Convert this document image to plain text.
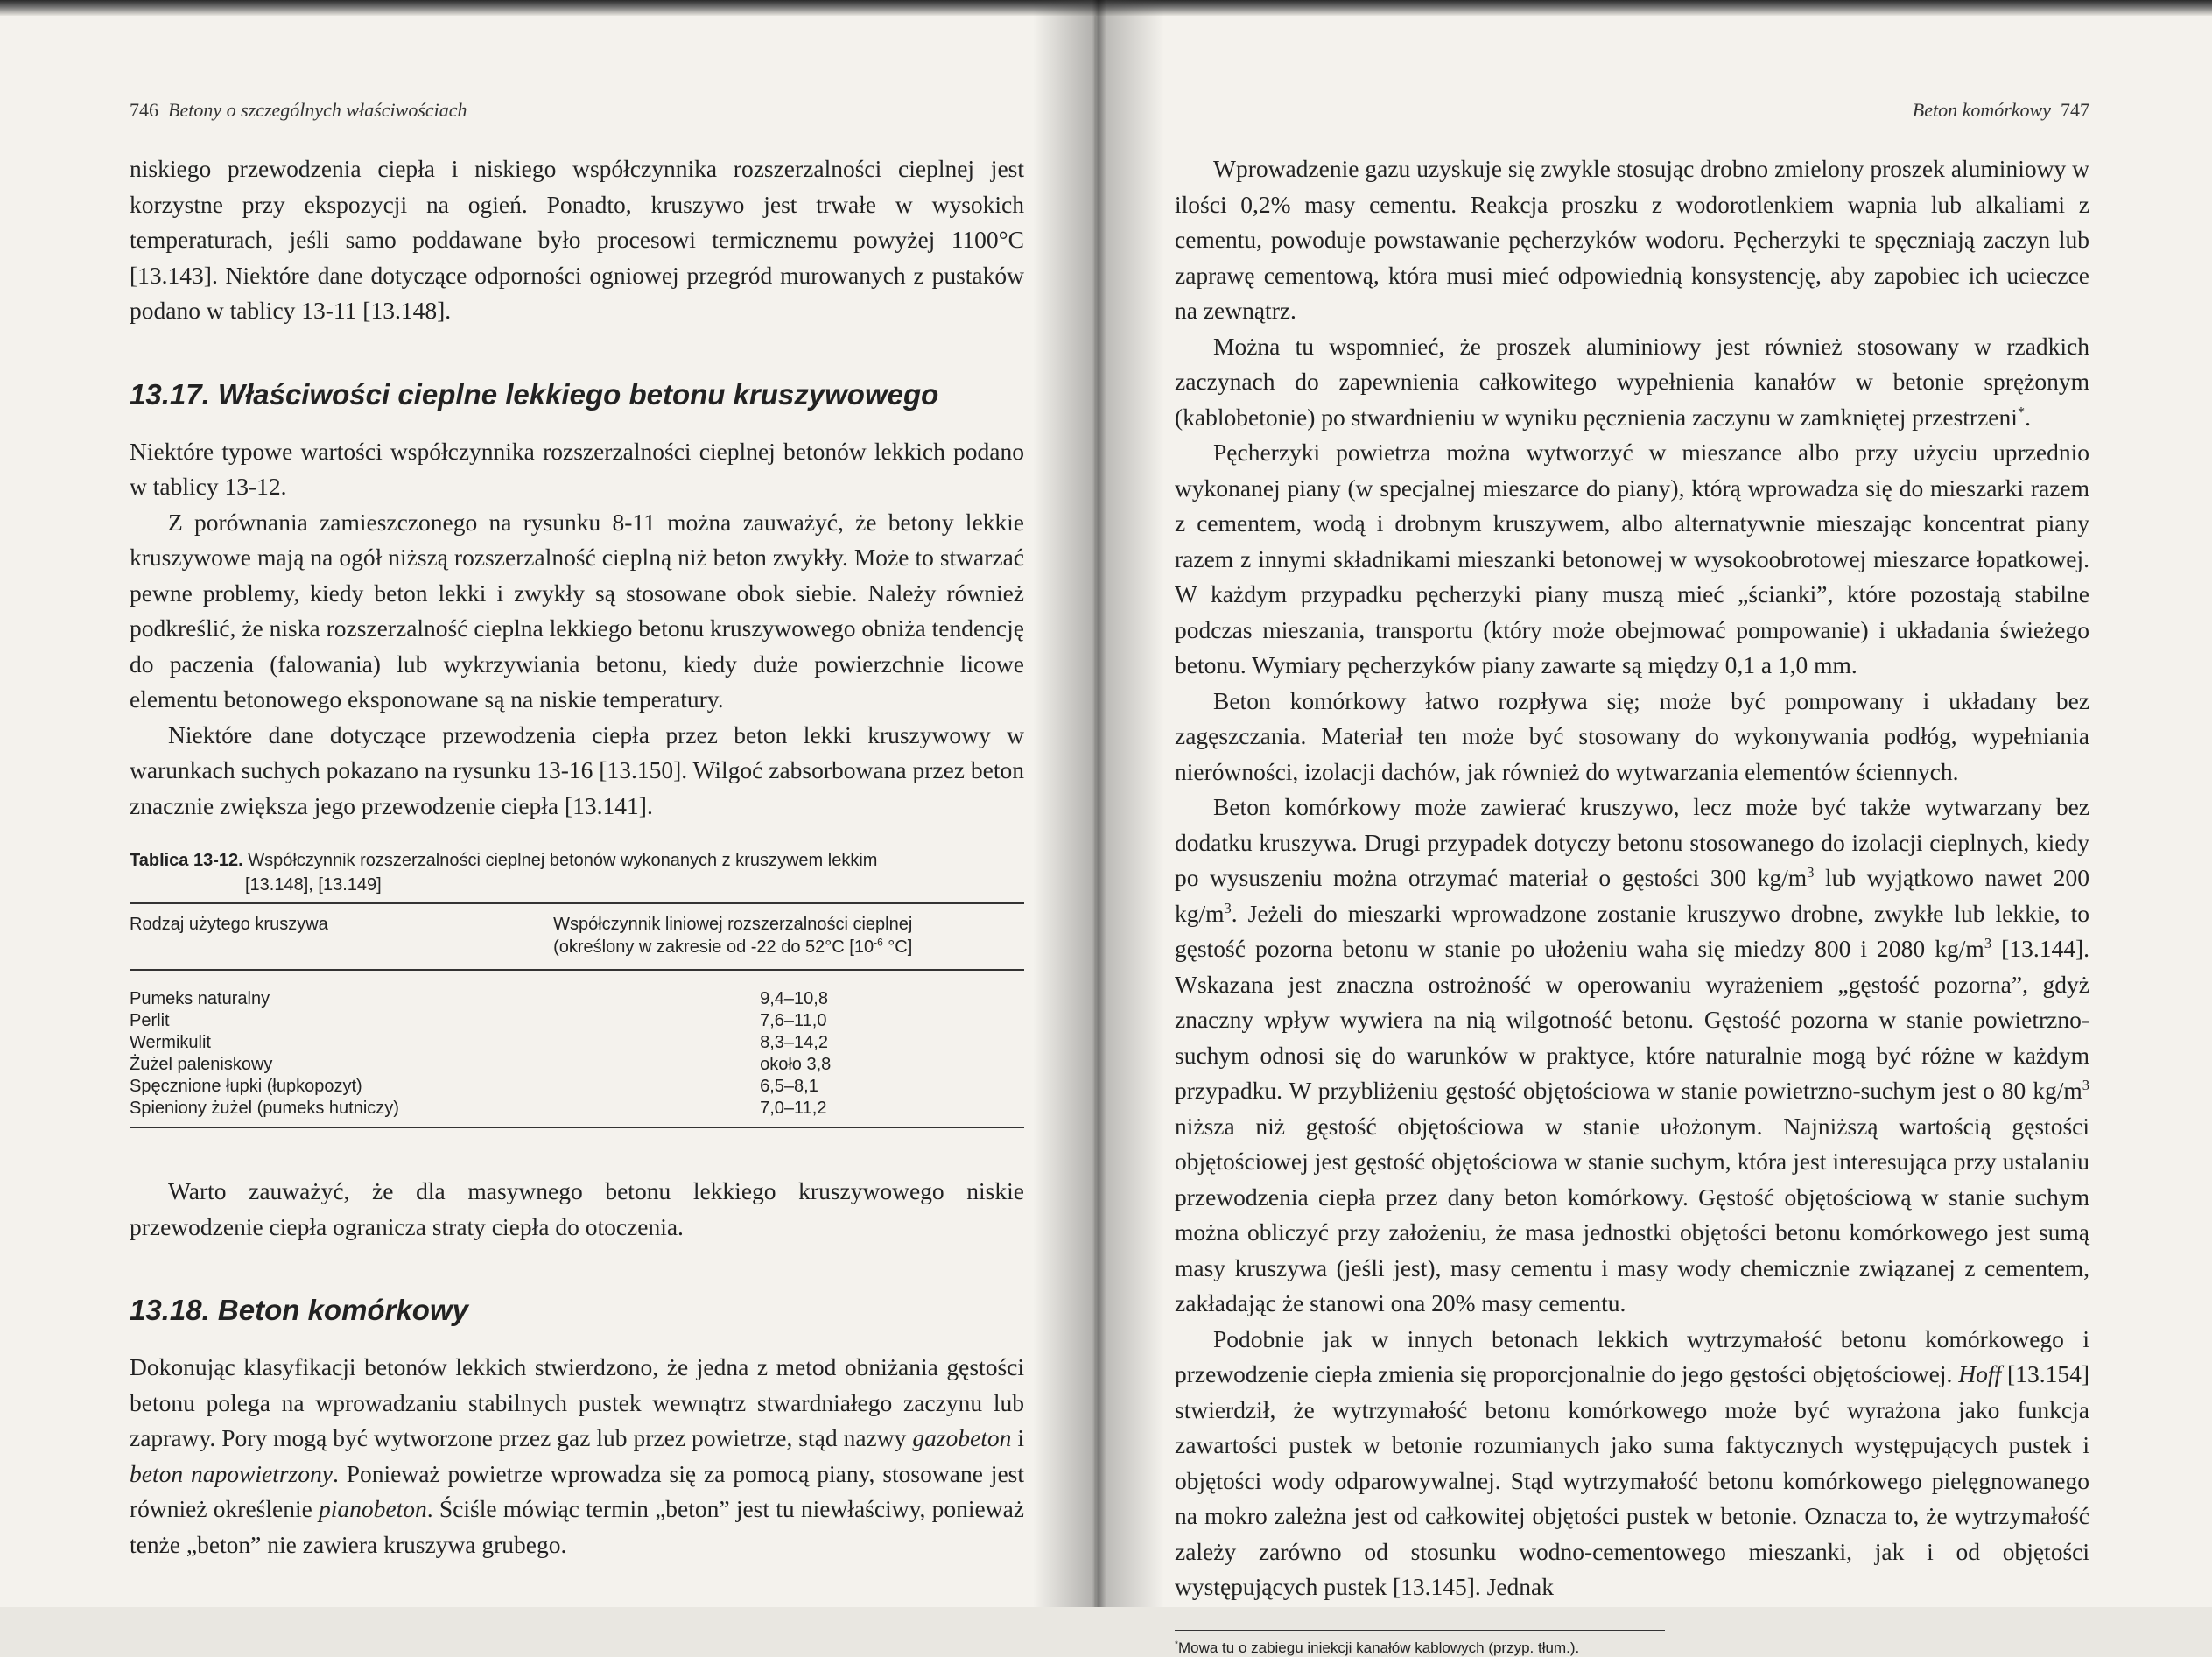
746 Betony o szczególnych właściwościach

niskiego przewodzenia ciepła i niskiego współczynnika rozszerzalności cieplnej jest korzystne przy ekspozycji na ogień. Ponadto, kruszywo jest trwałe w wysokich temperaturach, jeśli samo poddawane było procesowi termicznemu powyżej 1100°C [13.143]. Niektóre dane dotyczące odporności ogniowej przegród murowanych z pustaków podano w tablicy 13-11 [13.148].

13.17. Właściwości cieplne lekkiego betonu kruszywowego

Niektóre typowe wartości współczynnika rozszerzalności cieplnej betonów lekkich podano w tablicy 13-12.

Z porównania zamieszczonego na rysunku 8-11 można zauważyć, że betony lekkie kruszywowe mają na ogół niższą rozszerzalność cieplną niż beton zwykły. Może to stwarzać pewne problemy, kiedy beton lekki i zwykły są stosowane obok siebie. Należy również podkreślić, że niska rozszerzalność cieplna lekkiego betonu kruszywowego obniża tendencję do paczenia (falowania) lub wykrzywiania betonu, kiedy duże powierzchnie licowe elementu betonowego eksponowane są na niskie temperatury.

Niektóre dane dotyczące przewodzenia ciepła przez beton lekki kruszywowy w warunkach suchych pokazano na rysunku 13-16 [13.150]. Wilgoć zabsorbowana przez beton znacznie zwiększa jego przewodzenie ciepła [13.141].

Tablica 13-12. Współczynnik rozszerzalności cieplnej betonów wykonanych z kruszywem lekkim
[13.148], [13.149]
Rodzaj użytego kruszywa	Współczynnik liniowej rozszerzalności cieplnej
(określony w zakresie od -22 do 52°C [$10^{-6}$ °C]
Pumeks naturalny	9,4–10,8
Perlit	7,6–11,0
Wermikulit	8,3–14,2
Żużel paleniskowy	około 3,8
Spęcznione łupki (łupkopozyt)	6,5–8,1
Spieniony żużel (pumeks hutniczy)	7,0–11,2

Warto zauważyć, że dla masywnego betonu lekkiego kruszywowego niskie przewodzenie ciepła ogranicza straty ciepła do otoczenia.

13.18. Beton komórkowy

Dokonując klasyfikacji betonów lekkich stwierdzono, że jedna z metod obniżania gęstości betonu polega na wprowadzaniu stabilnych pustek wewnątrz stwardniałego zaczynu lub zaprawy. Pory mogą być wytworzone przez gaz lub przez powietrze, stąd nazwy gazobeton i beton napowietrzony. Ponieważ powietrze wprowadza się za pomocą piany, stosowane jest również określenie pianobeton. Ściśle mówiąc termin „beton” jest tu niewłaściwy, ponieważ tenże „beton” nie zawiera kruszywa grubego.

Beton komórkowy 747

Wprowadzenie gazu uzyskuje się zwykle stosując drobno zmielony proszek aluminiowy w ilości 0,2% masy cementu. Reakcja proszku z wodorotlenkiem wapnia lub alkaliami z cementu, powoduje powstawanie pęcherzyków wodoru. Pęcherzyki te spęczniają zaczyn lub zaprawę cementową, która musi mieć odpowiednią konsystencję, aby zapobiec ich ucieczce na zewnątrz.

Można tu wspomnieć, że proszek aluminiowy jest również stosowany w rzadkich zaczynach do zapewnienia całkowitego wypełnienia kanałów w betonie sprężonym (kablobetonie) po stwardnieniu w wyniku pęcznienia zaczynu w zamkniętej przestrzeni*.

Pęcherzyki powietrza można wytworzyć w mieszance albo przy użyciu uprzednio wykonanej piany (w specjalnej mieszarce do piany), którą wprowadza się do mieszarki razem z cementem, wodą i drobnym kruszywem, albo alternatywnie mieszając koncentrat piany razem z innymi składnikami mieszanki betonowej w wysokoobrotowej mieszarce łopatkowej. W każdym przypadku pęcherzyki piany muszą mieć „ścianki”, które pozostają stabilne podczas mieszania, transportu (który może obejmować pompowanie) i układania świeżego betonu. Wymiary pęcherzyków piany zawarte są między 0,1 a 1,0 mm.

Beton komórkowy łatwo rozpływa się; może być pompowany i układany bez zagęszczania. Materiał ten może być stosowany do wykonywania podłóg, wypełniania nierówności, izolacji dachów, jak również do wytwarzania elementów ściennych.

Beton komórkowy może zawierać kruszywo, lecz może być także wytwarzany bez dodatku kruszywa. Drugi przypadek dotyczy betonu stosowanego do izolacji cieplnych, kiedy po wysuszeniu można otrzymać materiał o gęstości 300 $kg/m^3$ lub wyjątkowo nawet 200 $kg/m^3$. Jeżeli do mieszarki wprowadzone zostanie kruszywo drobne, zwykłe lub lekkie, to gęstość pozorna betonu w stanie po ułożeniu waha się miedzy 800 i 2080 $kg/m^3$ [13.144]. Wskazana jest znaczna ostrożność w operowaniu wyrażeniem „gęstość pozorna”, gdyż znaczny wpływ wywiera na nią wilgotność betonu. Gęstość pozorna w stanie powietrzno-suchym odnosi się do warunków w praktyce, które naturalnie mogą być różne w każdym przypadku. W przybliżeniu gęstość objętościowa w stanie powietrzno-suchym jest o 80 $kg/m^3$ niższa niż gęstość objętościowa w stanie ułożonym. Najniższą wartością gęstości objętościowej jest gęstość objętościowa w stanie suchym, która jest interesująca przy ustalaniu przewodzenia ciepła przez dany beton komórkowy. Gęstość objętościową w stanie suchym można obliczyć przy założeniu, że masa jednostki objętości betonu komórkowego jest sumą masy kruszywa (jeśli jest), masy cementu i masy wody chemicznie związanej z cementem, zakładając że stanowi ona 20% masy cementu.

Podobnie jak w innych betonach lekkich wytrzymałość betonu komórkowego i przewodzenie ciepła zmienia się proporcjonalnie do jego gęstości objętościowej. Hoff [13.154] stwierdził, że wytrzymałość betonu komórkowego może być wyrażona jako funkcja zawartości pustek w betonie rozumianych jako suma faktycznych występujących pustek i objętości wody odparowywalnej. Stąd wytrzymałość betonu komórkowego pielęgnowanego na mokro zależna jest od całkowitej objętości pustek w betonie. Oznacza to, że wytrzymałość zależy zarówno od stosunku wodno-cementowego mieszanki, jak i od objętości występujących pustek [13.145]. Jednak

*Mowa tu o zabiegu iniekcji kanałów kablowych (przyp. tłum.).
